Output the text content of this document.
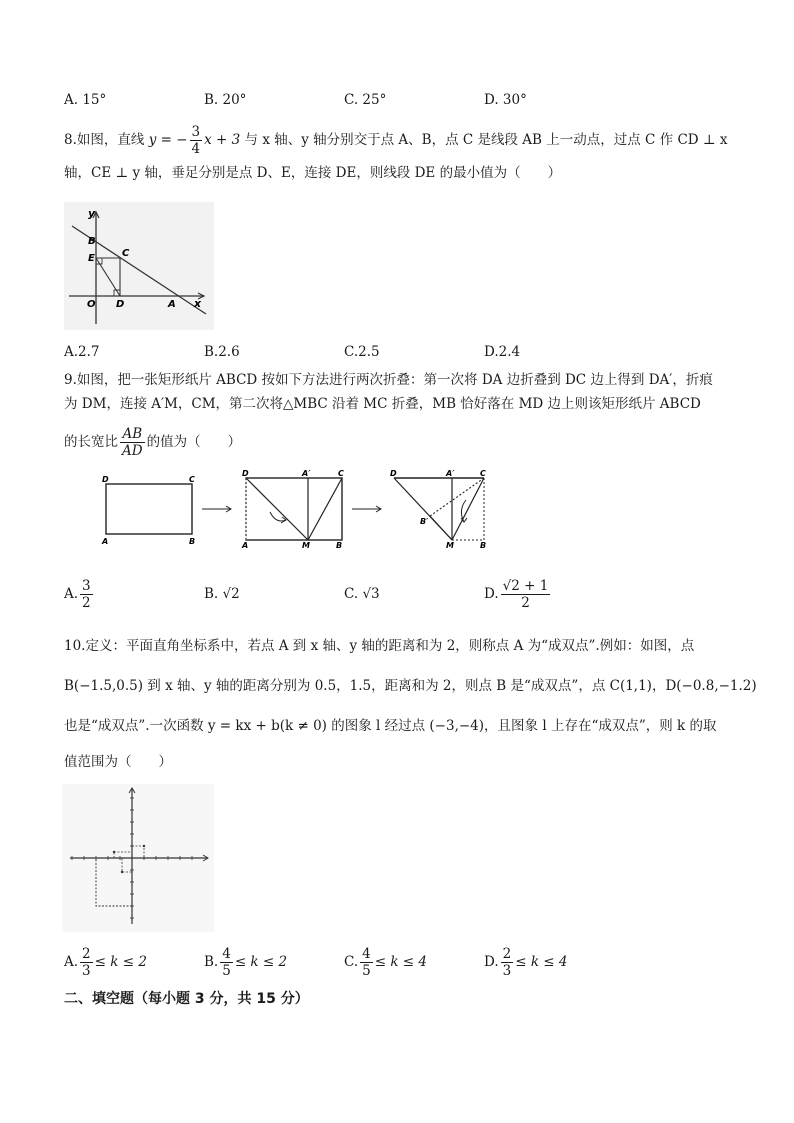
A. 15°	B. 20°	C. 25°	D. 30°
8.如图，直线 y = − $\frac{3}{4}$ x + 3 与 x 轴、y 轴分别交于点 A、B，点 C 是线段 AB 上一动点，过点 C 作 CD ⊥ x
轴，CE ⊥ y 轴，垂足分别是点 D、E，连接 DE，则线段 DE 的最小值为（　　）
y
B
E	C
O D	A x
A.2.7	B.2.6	C.2.5	D.2.4
9.如图，把一张矩形纸片 ABCD 按如下方法进行两次折叠：第一次将 DA 边折叠到 DC 边上得到 DA′，折痕
为 DM，连接 A′M，CM，第二次将△MBC 沿着 MC 折叠，MB 恰好落在 MD 边上则该矩形纸片 ABCD
的长宽比 $\frac{AB}{AD}$ 的值为（　　）
D	C
A	B
D	A′	C
A	M	B
D	A′	C
B′
M	B
A. $\frac{3}{2}$	B. √2	C. √3	D. $\frac{√2 + 1}{2}$
10.定义：平面直角坐标系中，若点 A 到 x 轴、y 轴的距离和为 2，则称点 A 为“成双点”.例如：如图，点
B(−1.5,0.5) 到 x 轴、y 轴的距离分别为 0.5，1.5，距离和为 2，则点 B 是“成双点”，点 C(1,1)，D(−0.8,−1.2)
也是“成双点”.一次函数 y = kx + b(k ≠ 0) 的图象 l 经过点 (−3,−4)，且图象 l 上存在“成双点”，则 k 的取
值范围为（　　）
A. $\frac{2}{3} \le k \le 2$	B. $\frac{4}{5} \le k \le 2$	C. $\frac{4}{5} \le k \le 4$	D. $\frac{2}{3} \le k \le 4$
二、填空题（每小题 3 分，共 15 分）
